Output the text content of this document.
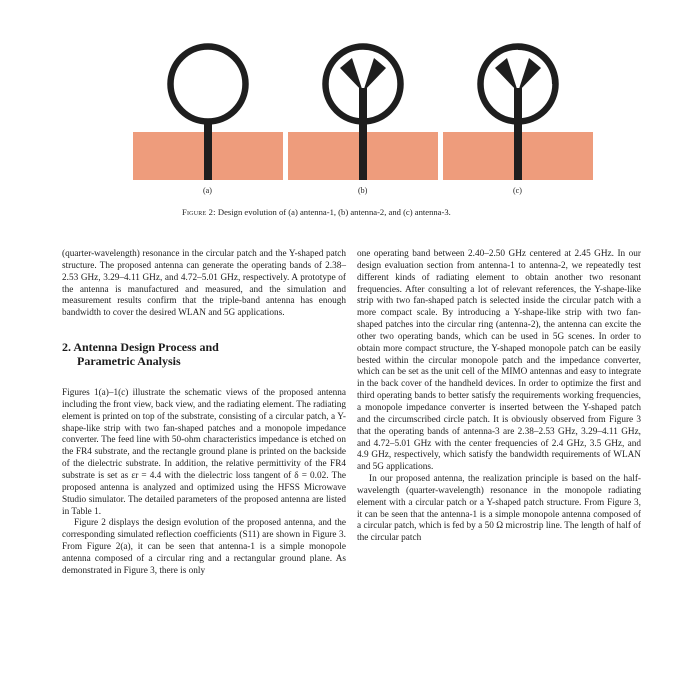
(a)	(b)	(c)
Figure 2: Design evolution of (a) antenna-1, (b) antenna-2, and (c) antenna-3.

(quarter-wavelength) resonance in the circular patch and the Y-shaped patch structure. The proposed antenna can generate the operating bands of 2.38–2.53 GHz, 3.29–4.11 GHz, and 4.72–5.01 GHz, respectively. A prototype of the antenna is manufactured and measured, and the simulation and measurement results confirm that the triple-band antenna has enough bandwidth to cover the desired WLAN and 5G applications.

2. Antenna Design Process and
Parametric Analysis

Figures 1(a)–1(c) illustrate the schematic views of the proposed antenna including the front view, back view, and the radiating element. The radiating element is printed on top of the substrate, consisting of a circular patch, a Y-shape-like strip with two fan-shaped patches and a monopole impedance converter. The feed line with 50-ohm characteristics impedance is etched on the FR4 substrate, and the rectangle ground plane is printed on the backside of the dielectric substrate. In addition, the relative permittivity of the FR4 substrate is set as εr = 4.4 with the dielectric loss tangent of δ = 0.02. The proposed antenna is analyzed and optimized using the HFSS Microwave Studio simulator. The detailed parameters of the proposed antenna are listed in Table 1.

Figure 2 displays the design evolution of the proposed antenna, and the corresponding simulated reflection coefficients (S11) are shown in Figure 3. From Figure 2(a), it can be seen that antenna-1 is a simple monopole antenna composed of a circular ring and a rectangular ground plane. As demonstrated in Figure 3, there is only

one operating band between 2.40–2.50 GHz centered at 2.45 GHz. In our design evaluation section from antenna-1 to antenna-2, we repeatedly test different kinds of radiating element to obtain another two resonant frequencies. After consulting a lot of relevant references, the Y-shape-like strip with two fan-shaped patch is selected inside the circular patch with a more compact scale. By introducing a Y-shape-like strip with two fan-shaped patches into the circular ring (antenna-2), the antenna can excite the other two operating bands, which can be used in 5G scenes. In order to obtain more compact structure, the Y-shaped monopole patch can be easily bested within the circular monopole patch and the impedance converter, which can be set as the unit cell of the MIMO antennas and easy to integrate in the back cover of the handheld devices. In order to optimize the first and third operating bands to better satisfy the requirements working frequencies, a monopole impedance converter is inserted between the Y-shaped patch and the circumscribed circle patch. It is obviously observed from Figure 3 that the operating bands of antenna-3 are 2.38–2.53 GHz, 3.29–4.11 GHz, and 4.72–5.01 GHz with the center frequencies of 2.4 GHz, 3.5 GHz, and 4.9 GHz, respectively, which satisfy the bandwidth requirements of WLAN and 5G applications.

In our proposed antenna, the realization principle is based on the half-wavelength (quarter-wavelength) resonance in the monopole radiating element with a circular patch or a Y-shaped patch structure. From Figure 3, it can be seen that the antenna-1 is a simple monopole antenna composed of a circular patch, which is fed by a 50 Ω microstrip line. The length of half of the circular patch
